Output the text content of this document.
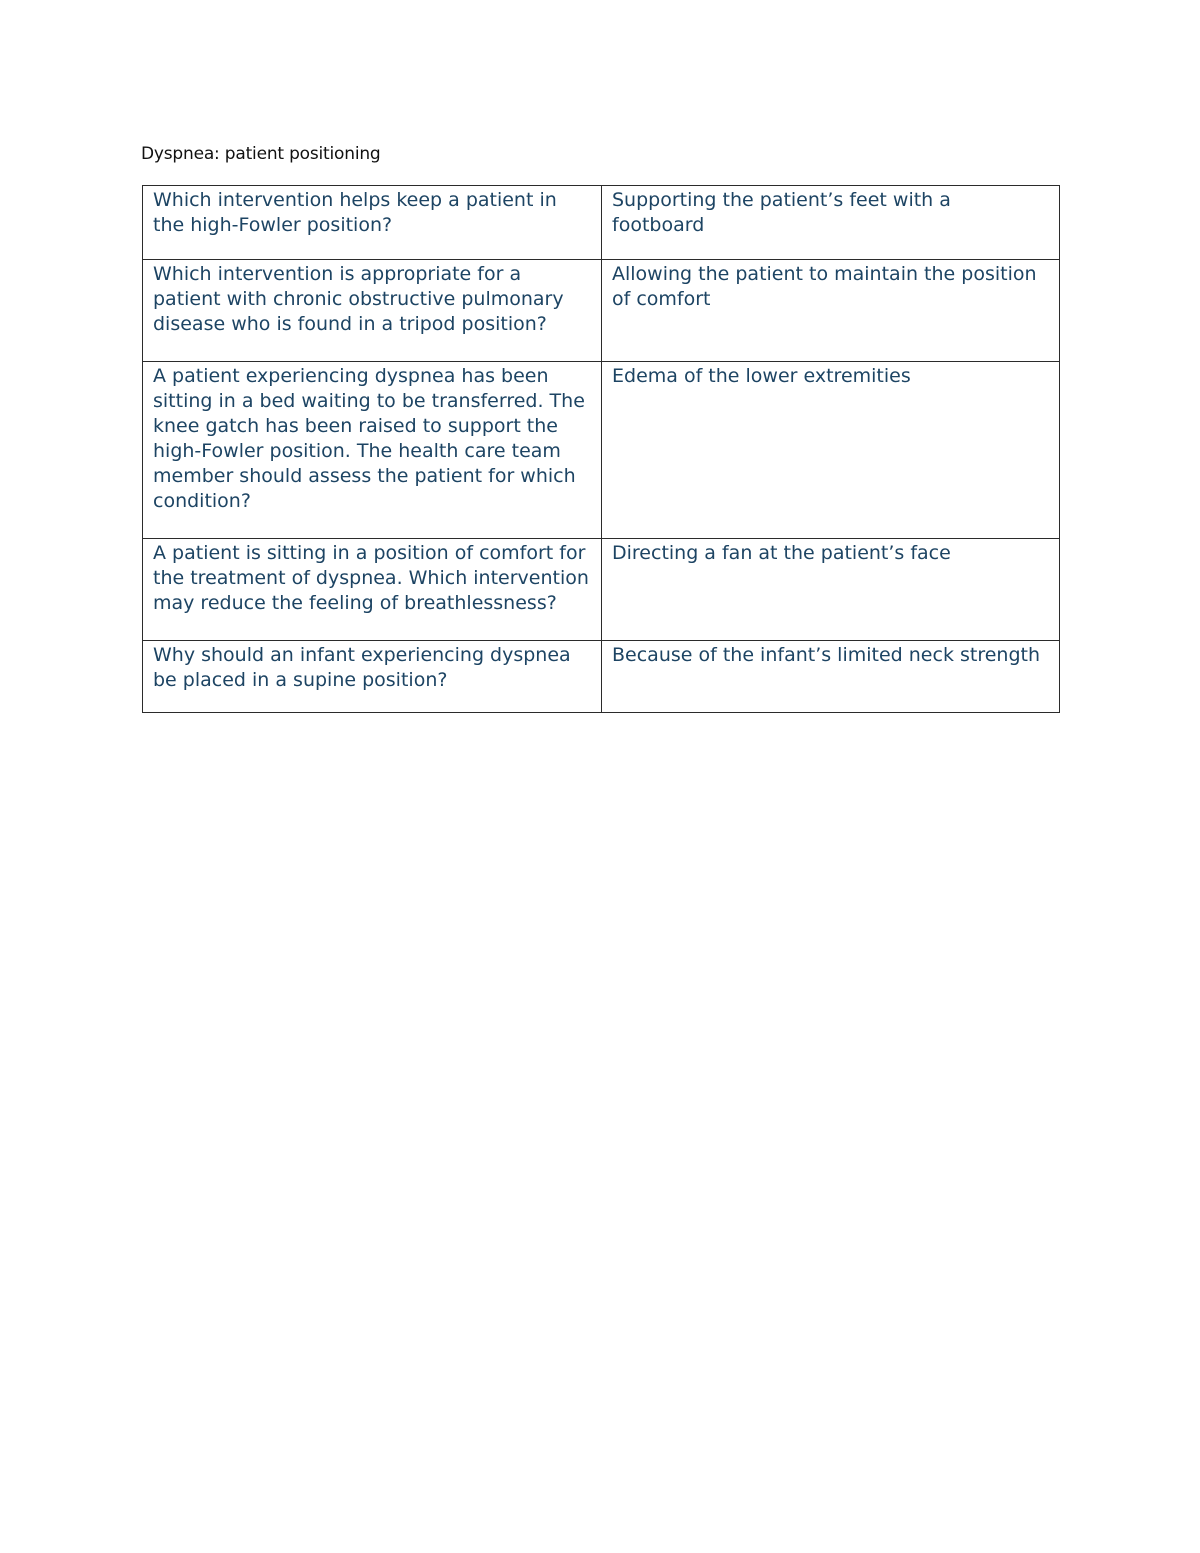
Dyspnea: patient positioning
Which intervention helps keep a patient in the high-Fowler position?	Supporting the patient’s feet with a footboard
Which intervention is appropriate for a patient with chronic obstructive pulmonary disease who is found in a tripod position?	Allowing the patient to maintain the position of comfort
A patient experiencing dyspnea has been sitting in a bed waiting to be transferred. The knee gatch has been raised to support the high-Fowler position. The health care team member should assess the patient for which condition?	Edema of the lower extremities
A patient is sitting in a position of comfort for the treatment of dyspnea. Which intervention may reduce the feeling of breathlessness?	Directing a fan at the patient’s face
Why should an infant experiencing dyspnea be placed in a supine position?	Because of the infant’s limited neck strength
